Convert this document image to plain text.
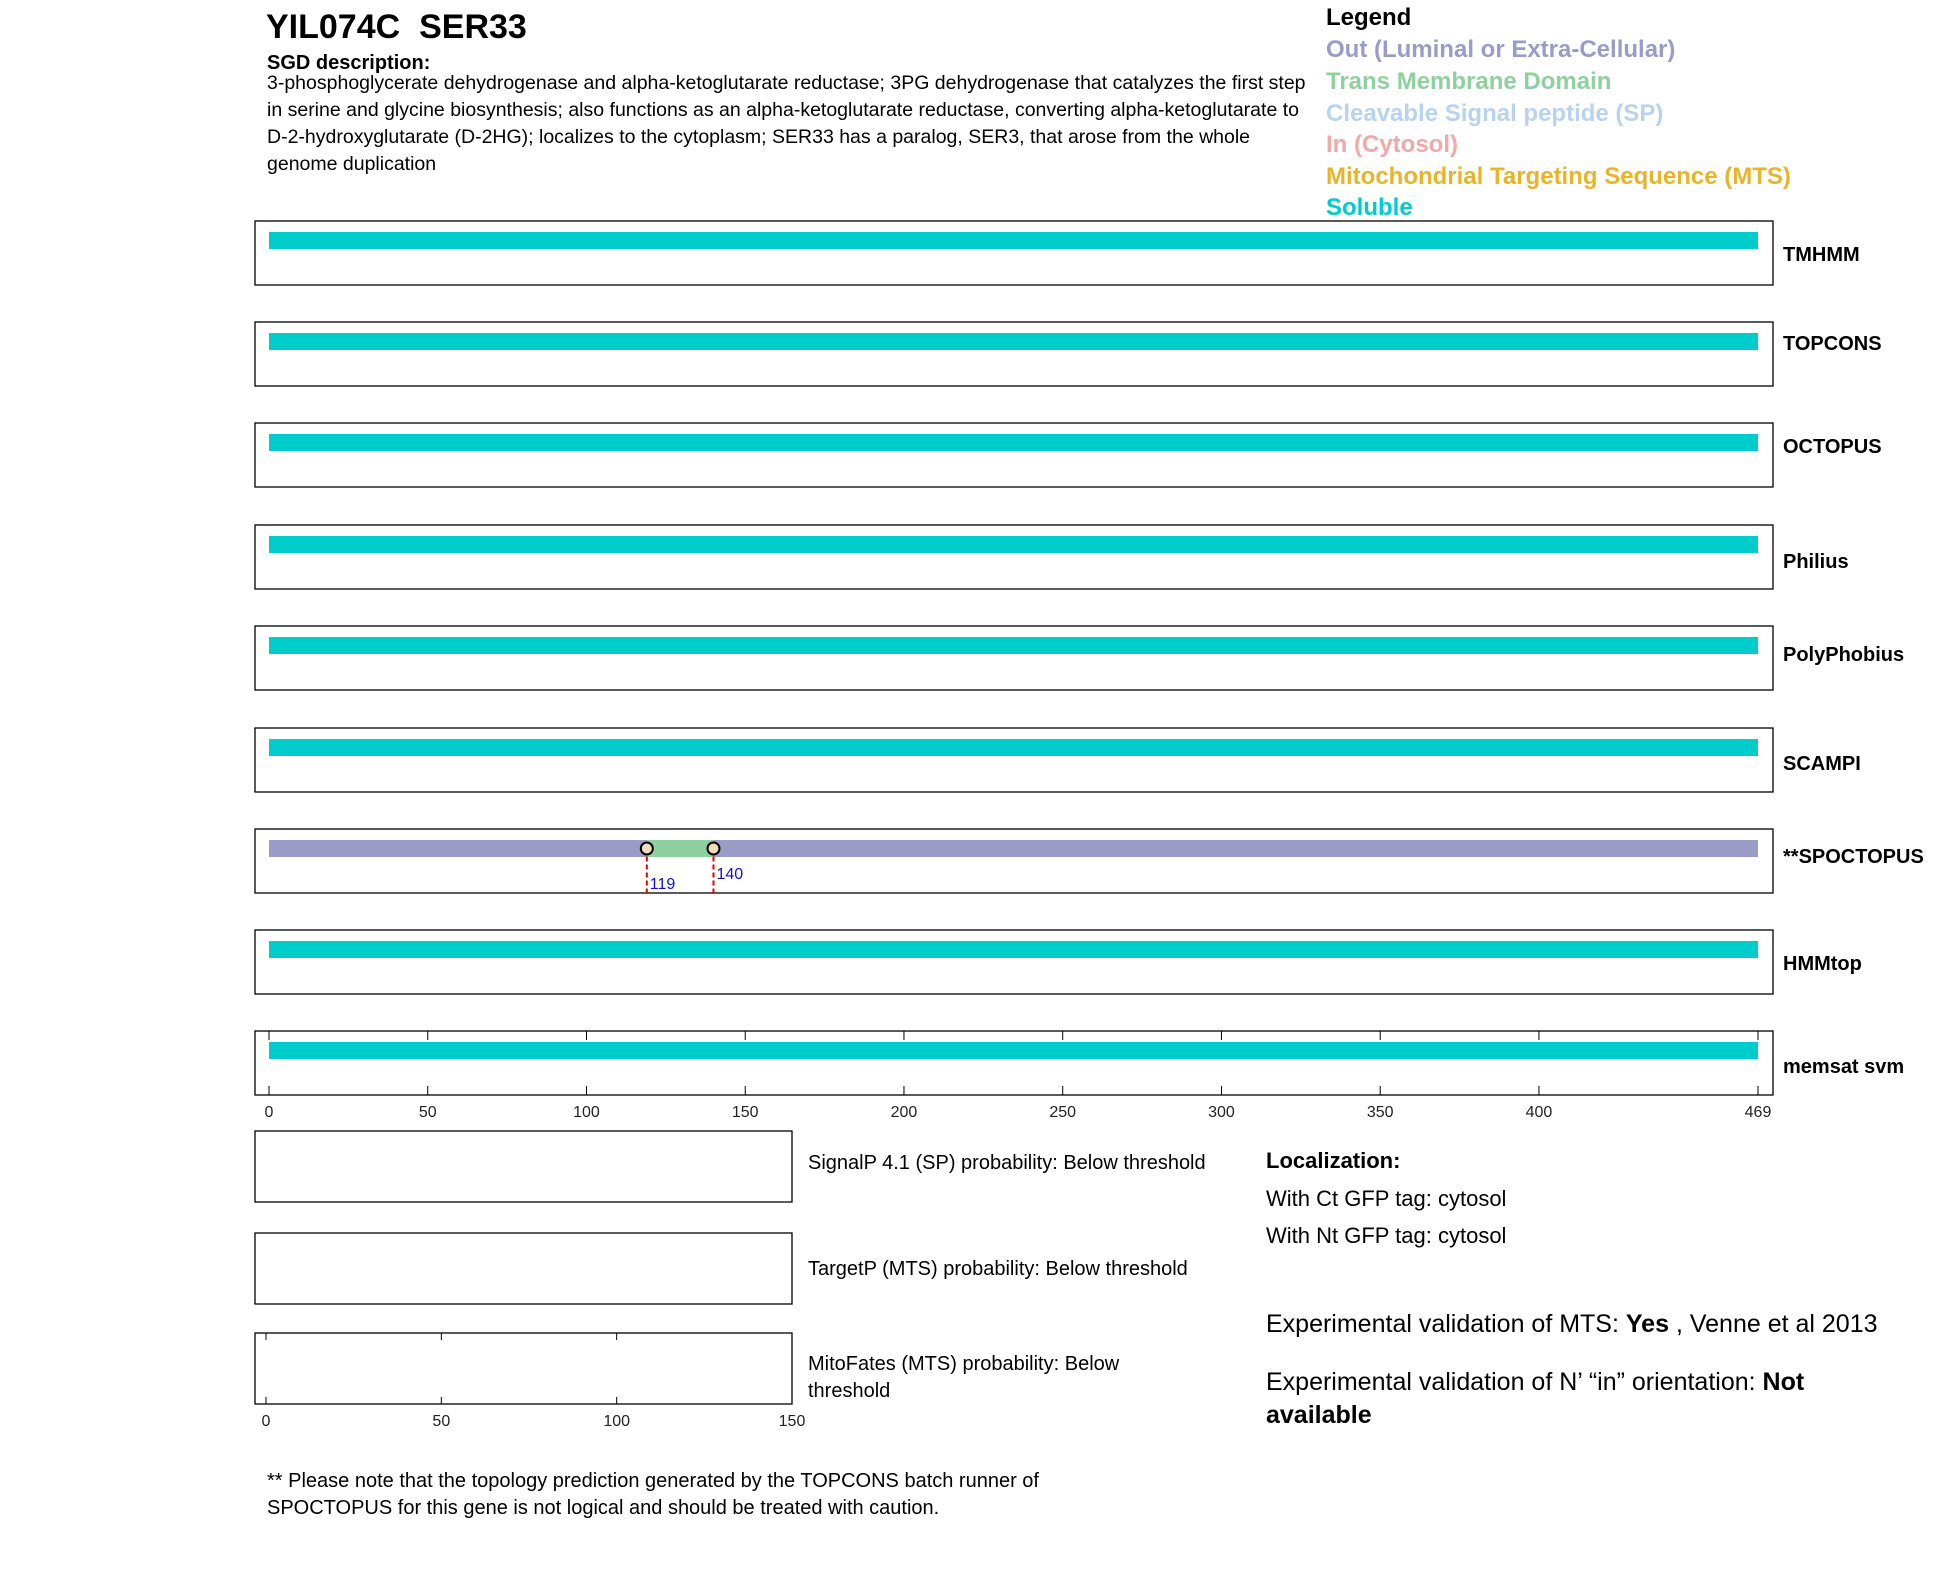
YIL074C SER33
SGD description:
3-phosphoglycerate dehydrogenase and alpha-ketoglutarate reductase; 3PG dehydrogenase that catalyzes the first step in serine and glycine biosynthesis; also functions as an alpha-ketoglutarate reductase, converting alpha-ketoglutarate to D-2-hydroxyglutarate (D-2HG); localizes to the cytoplasm; SER33 has a paralog, SER3, that arose from the whole genome duplication
Legend
Out (Luminal or Extra-Cellular)
Trans Membrane Domain
Cleavable Signal peptide (SP)
In (Cytosol)
Mitochondrial Targeting Sequence (MTS)
Soluble
TMHMM
TOPCONS
OCTOPUS
Philius
PolyPhobius
SCAMPI
119
140
**SPOCTOPUS
HMMtop
memsat svm
0	50	100	150	200	250	300	350	400	469
0	50	100	150
SignalP 4.1 (SP) probability: Below threshold
TargetP (MTS) probability: Below threshold
MitoFates (MTS) probability: Below threshold
Localization:
With Ct GFP tag: cytosol
With Nt GFP tag: cytosol
Experimental validation of MTS: Yes , Venne et al 2013
Experimental validation of N’ “in” orientation: Not available
** Please note that the topology prediction generated by the TOPCONS batch runner of SPOCTOPUS for this gene is not logical and should be treated with caution.
